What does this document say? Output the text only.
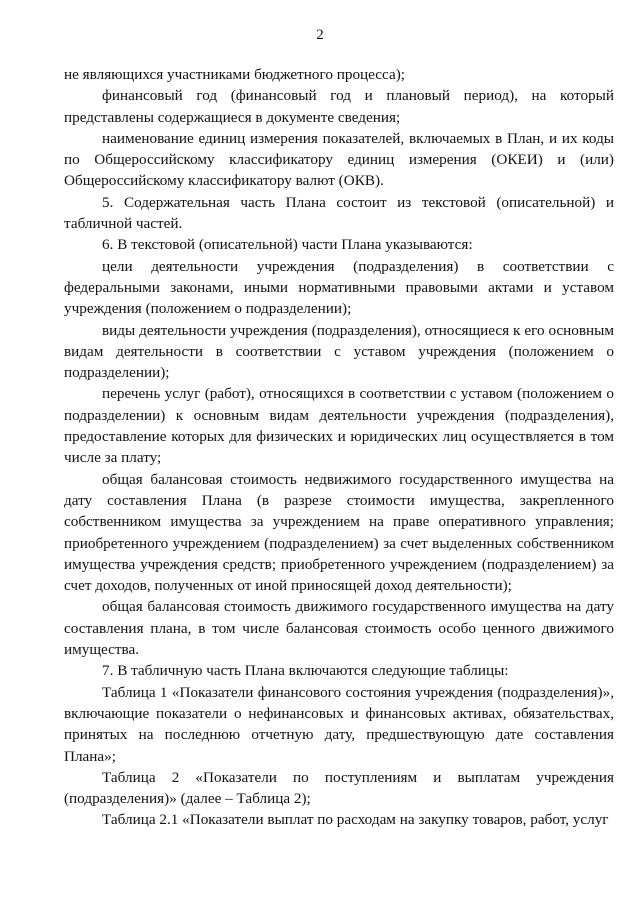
2

не являющихся участниками бюджетного процесса);

финансовый год (финансовый год и плановый период), на который представлены содержащиеся в документе сведения;

наименование единиц измерения показателей, включаемых в План, и их коды по Общероссийскому классификатору единиц измерения (ОКЕИ) и (или) Общероссийскому классификатору валют (ОКВ).

5. Содержательная часть Плана состоит из текстовой (описательной) и табличной частей.

6. В текстовой (описательной) части Плана указываются:

цели деятельности учреждения (подразделения) в соответствии с федеральными законами, иными нормативными правовыми актами и уставом учреждения (положением о подразделении);

виды деятельности учреждения (подразделения), относящиеся к его основным видам деятельности в соответствии с уставом учреждения (положением о подразделении);

перечень услуг (работ), относящихся в соответствии с уставом (положением о подразделении) к основным видам деятельности учреждения (подразделения), предоставление которых для физических и юридических лиц осуществляется в том числе за плату;

общая балансовая стоимость недвижимого государственного имущества на дату составления Плана (в разрезе стоимости имущества, закрепленного собственником имущества за учреждением на праве оперативного управления; приобретенного учреждением (подразделением) за счет выделенных собственником имущества учреждения средств; приобретенного учреждением (подразделением) за счет доходов, полученных от иной приносящей доход деятельности);

общая балансовая стоимость движимого государственного имущества на дату составления плана, в том числе балансовая стоимость особо ценного движимого имущества.

7. В табличную часть Плана включаются следующие таблицы:

Таблица 1 «Показатели финансового состояния учреждения (подразделения)», включающие показатели о нефинансовых и финансовых активах, обязательствах, принятых на последнюю отчетную дату, предшествующую дате составления Плана»;

Таблица 2 «Показатели по поступлениям и выплатам учреждения (подразделения)» (далее – Таблица 2);

Таблица 2.1 «Показатели выплат по расходам на закупку товаров, работ, услуг
